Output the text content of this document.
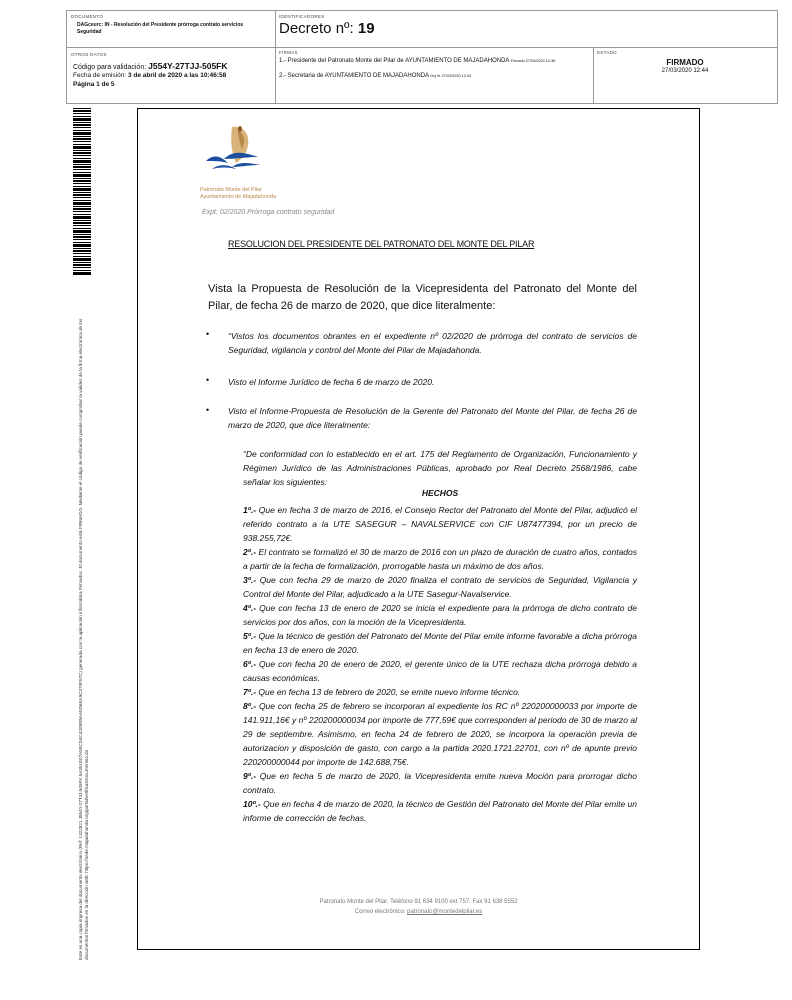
DOCUMENTO
DAGceurc: IN - Resolución del Presidente prórroga contrato servicios Seguridad
IDENTIFICADORES
Decreto nº: 19
OTROS DATOS
Código para validación: J554Y-27TJJ-505FK
Fecha de emisión: 3 de abril de 2020 a las 10:46:58
Página 1 de 5
FIRMAS
1.- Presidente del Patronato Monte del Pilar de AYUNTAMIENTO DE MAJADAHONDA Firmado 27/03/2020 12:36
2.- Secretaria de AYUNTAMIENTO DE MAJADAHONDA Dry fe 27/03/2020 12:44
ESTADO
FIRMADO
27/03/2020 12:44
Este es una copia impresa del documento electrónico (Ref: 1322821 J554Y-27TJJ-505FK 5A351E07A50CD4C4208R8AA5D6EA9C370F57C) generada con la aplicación informática Firmadoc. El documento está FIRMADO. Mediante el código de verificación puede comprobar la validez de la firma electrónica de los documentos firmados en la dirección web: https://sede.majadahonda.org/portal/verificarDocumentos.do
Patronato Monte del Pilar
Ayuntamiento de Majadahonda
Expt: 02/2020 Prórroga contrato seguridad
RESOLUCION DEL PRESIDENTE DEL PATRONATO DEL MONTE DEL PILAR
Vista la Propuesta de Resolución de la Vicepresidenta del Patronato del Monte del Pilar, de fecha 26 de marzo de 2020, que dice literalmente:
• “Vistos los documentos obrantes en el expediente nº 02/2020 de prórroga del contrato de servicios de Seguridad, vigilancia y control del Monte del Pilar de Majadahonda.
• Visto el Informe Jurídico de fecha 6 de marzo de 2020.
• Visto el Informe-Propuesta de Resolución de la Gerente del Patronato del Monte del Pilar, de fecha 26 de marzo de 2020, que dice literalmente:
“De conformidad con lo establecido en el art. 175 del Reglamento de Organización, Funcionamiento y Régimen Jurídico de las Administraciones Públicas, aprobado por Real Decreto 2568/1986, cabe señalar los siguientes:
HECHOS
1º.- Que en fecha 3 de marzo de 2016, el Consejo Rector del Patronato del Monte del Pilar, adjudicó el referido contrato a la UTE SASEGUR – NAVALSERVICE con CIF U87477394, por un precio de 938.255,72€.
2º.- El contrato se formalizó el 30 de marzo de 2016 con un plazo de duración de cuatro años, contados a partir de la fecha de formalización, prorrogable hasta un máximo de dos años.
3º.- Que con fecha 29 de marzo de 2020 finaliza el contrato de servicios de Seguridad, Vigilancia y Control del Monte del Pilar, adjudicado a la UTE Sasegur-Navalservice.
4º.- Que con fecha 13 de enero de 2020 se inicia el expediente para la prórroga de dicho contrato de servicios por dos años, con la moción de la Vicepresidenta.
5º.- Que la técnico de gestión del Patronato del Monte del Pilar emite informe favorable a dicha prórroga en fecha 13 de enero de 2020.
6º.- Que con fecha 20 de enero de 2020, el gerente único de la UTE rechaza dicha prórroga debido a causas económicas.
7º.- Que en fecha 13 de febrero de 2020, se emite nuevo informe técnico.
8º.- Que con fecha 25 de febrero se incorporan al expediente los RC nº 220200000033 por importe de 141.911,16€ y nº 220200000034 por importe de 777,59€ que corresponden al periodo de 30 de marzo al 29 de septiembre. Asimismo, en fecha 24 de febrero de 2020, se incorpora la operación previa de autorizacion y disposición de gasto, con cargo a la partida 2020.1721.22701, con nº de apunte previo 220200000044 por importe de 142.688,75€.
9º.- Que en fecha 5 de marzo de 2020, la Vicepresidenta emite nueva Moción para prorrogar dicho contrato.
10º.- Que en fecha 4 de marzo de 2020, la técnico de Gestión del Patronato del Monte del Pilar emite un informe de corrección de fechas.
Patronato Monte del Pilar. Teléfono 91 634 9100 ext 757. Fax 91 638 5552
Correo electrónico: patronato@montedelpilar.es
